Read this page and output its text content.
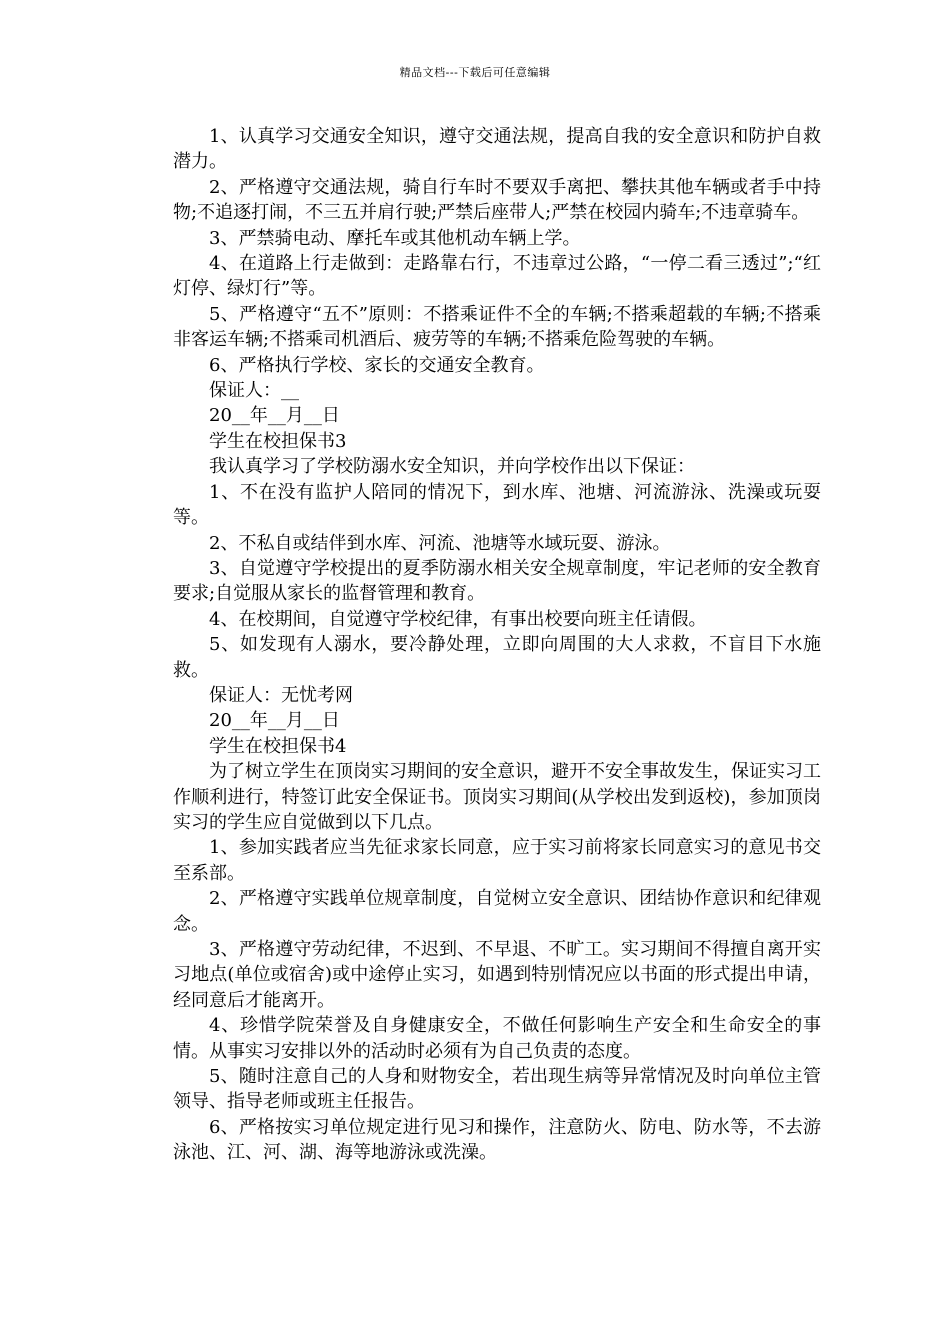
精品文档---下载后可任意编辑

1、认真学习交通安全知识，遵守交通法规，提高自我的安全意识和防护自救潜力。

2、严格遵守交通法规，骑自行车时不要双手离把、攀扶其他车辆或者手中持物;不追逐打闹，不三五并肩行驶;严禁后座带人;严禁在校园内骑车;不违章骑车。

3、严禁骑电动、摩托车或其他机动车辆上学。

4、在道路上行走做到：走路靠右行，不违章过公路，“一停二看三透过”;“红灯停、绿灯行”等。

5、严格遵守“五不”原则：不搭乘证件不全的车辆;不搭乘超载的车辆;不搭乘非客运车辆;不搭乘司机酒后、疲劳等的车辆;不搭乘危险驾驶的车辆。

6、严格执行学校、家长的交通安全教育。

保证人：__

20__年__月__日

学生在校担保书3

我认真学习了学校防溺水安全知识，并向学校作出以下保证：

1、不在没有监护人陪同的情况下，到水库、池塘、河流游泳、洗澡或玩耍等。

2、不私自或结伴到水库、河流、池塘等水域玩耍、游泳。

3、自觉遵守学校提出的夏季防溺水相关安全规章制度，牢记老师的安全教育要求;自觉服从家长的监督管理和教育。

4、在校期间，自觉遵守学校纪律，有事出校要向班主任请假。

5、如发现有人溺水，要冷静处理，立即向周围的大人求救，不盲目下水施救。

保证人：无忧考网

20__年__月__日

学生在校担保书4

为了树立学生在顶岗实习期间的安全意识，避开不安全事故发生，保证实习工作顺利进行，特签订此安全保证书。顶岗实习期间(从学校出发到返校)，参加顶岗实习的学生应自觉做到以下几点。

1、参加实践者应当先征求家长同意，应于实习前将家长同意实习的意见书交至系部。

2、严格遵守实践单位规章制度，自觉树立安全意识、团结协作意识和纪律观念。

3、严格遵守劳动纪律，不迟到、不早退、不旷工。实习期间不得擅自离开实习地点(单位或宿舍)或中途停止实习，如遇到特别情况应以书面的形式提出申请，经同意后才能离开。

4、珍惜学院荣誉及自身健康安全，不做任何影响生产安全和生命安全的事情。从事实习安排以外的活动时必须有为自己负责的态度。

5、随时注意自己的人身和财物安全，若出现生病等异常情况及时向单位主管领导、指导老师或班主任报告。

6、严格按实习单位规定进行见习和操作，注意防火、防电、防水等，不去游泳池、江、河、湖、海等地游泳或洗澡。
